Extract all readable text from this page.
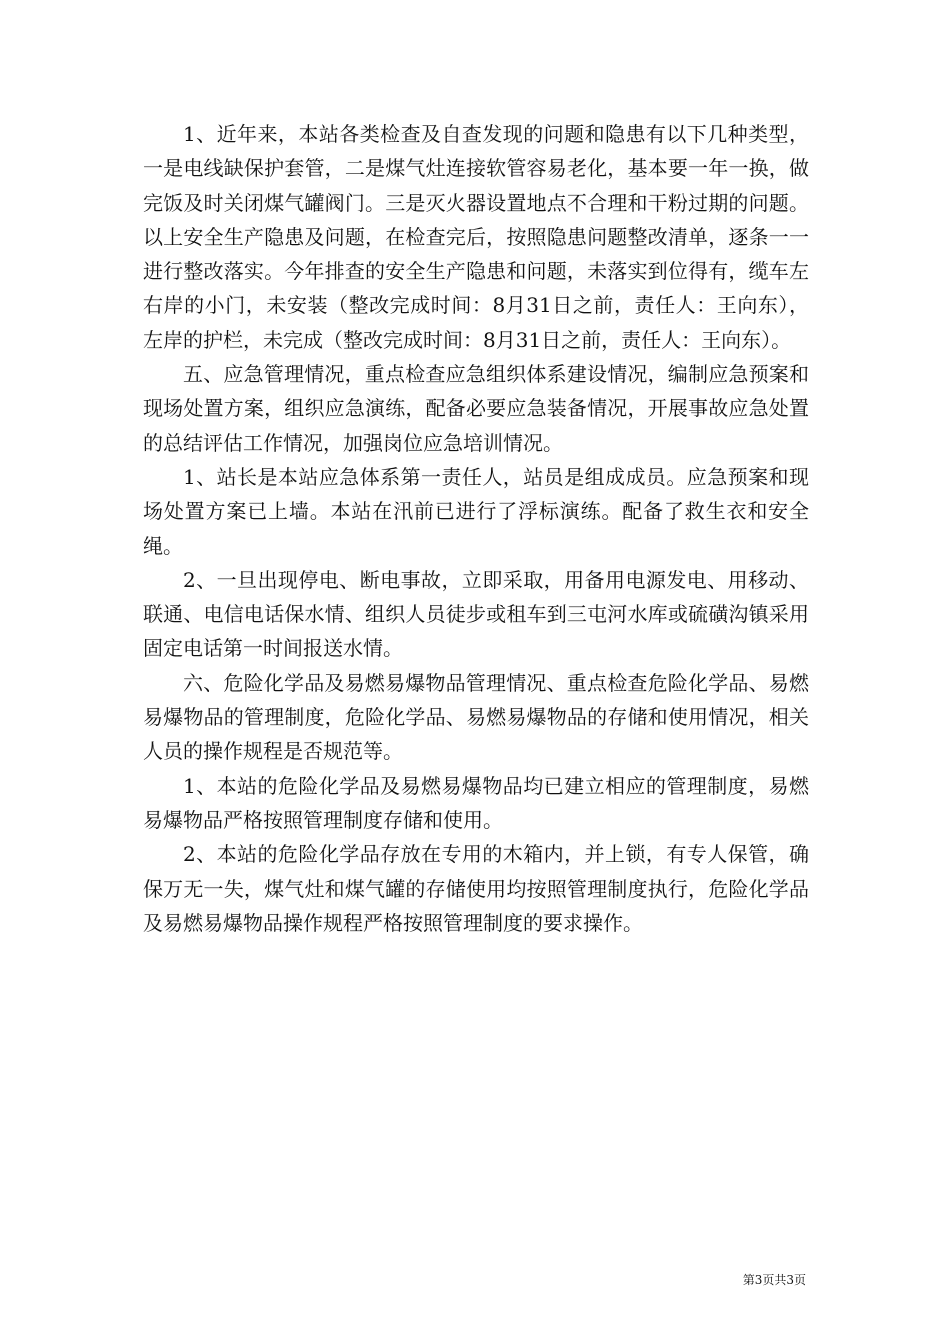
1、近年来，本站各类检查及自查发现的问题和隐患有以下几种类型，一是电线缺保护套管，二是煤气灶连接软管容易老化，基本要一年一换，做完饭及时关闭煤气罐阀门。三是灭火器设置地点不合理和干粉过期的问题。以上安全生产隐患及问题，在检查完后，按照隐患问题整改清单，逐条一一进行整改落实。今年排查的安全生产隐患和问题，未落实到位得有，缆车左右岸的小门，未安装（整改完成时间：8月31日之前，责任人：王向东），左岸的护栏，未完成（整改完成时间：8月31日之前，责任人：王向东）。

五、应急管理情况，重点检查应急组织体系建设情况，编制应急预案和现场处置方案，组织应急演练，配备必要应急装备情况，开展事故应急处置的总结评估工作情况，加强岗位应急培训情况。

1、站长是本站应急体系第一责任人，站员是组成成员。应急预案和现场处置方案已上墙。本站在汛前已进行了浮标演练。配备了救生衣和安全绳。

2、一旦出现停电、断电事故，立即采取，用备用电源发电、用移动、联通、电信电话保水情、组织人员徒步或租车到三屯河水库或硫磺沟镇采用固定电话第一时间报送水情。

六、危险化学品及易燃易爆物品管理情况、重点检查危险化学品、易燃易爆物品的管理制度，危险化学品、易燃易爆物品的存储和使用情况，相关人员的操作规程是否规范等。

1、本站的危险化学品及易燃易爆物品均已建立相应的管理制度，易燃易爆物品严格按照管理制度存储和使用。

2、本站的危险化学品存放在专用的木箱内，并上锁，有专人保管，确保万无一失，煤气灶和煤气罐的存储使用均按照管理制度执行，危险化学品及易燃易爆物品操作规程严格按照管理制度的要求操作。

第3页共3页
